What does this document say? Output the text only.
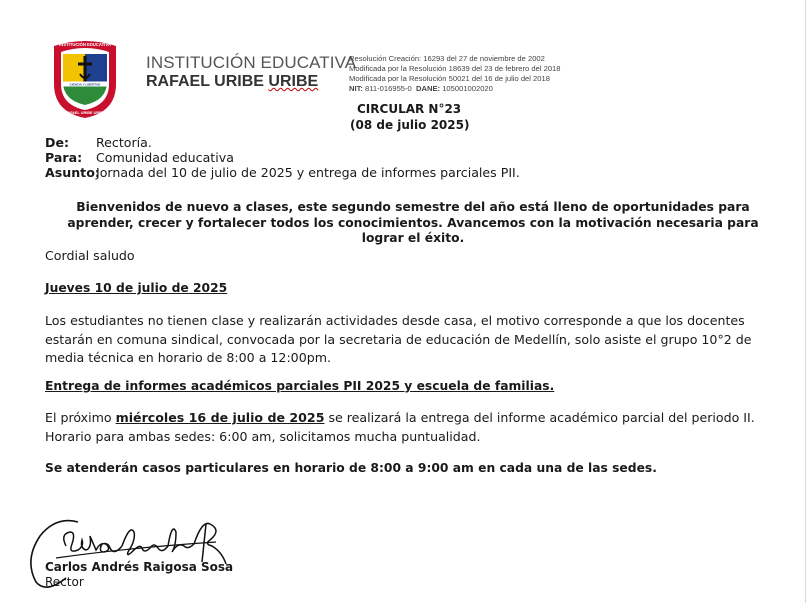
INSTITUCIÓN EDUCATIVA
CIENCIA Y LIBERTAD
RAFAEL URIBE URIBE
INSTITUCIÓN EDUCATIVA
RAFAEL URIBE URIBE
Resolución Creación: 16293 del 27 de noviembre de 2002
Modificada por la Resolución 18639 del 23 de febrero del 2018
Modificada por la Resolución 50021 del 16 de julio del 2018
NIT: 811-016955-0 DANE: 105001002020
CIRCULAR N°23
(08 de julio 2025)
De: Rectoría.
Para: Comunidad educativa
Asunto:Jornada del 10 de julio de 2025 y entrega de informes parciales PII.
Bienvenidos de nuevo a clases, este segundo semestre del año está lleno de oportunidades para aprender, crecer y fortalecer todos los conocimientos. Avancemos con la motivación necesaria para lograr el éxito.
Cordial saludo
Jueves 10 de julio de 2025
Los estudiantes no tienen clase y realizarán actividades desde casa, el motivo corresponde a que los docentes estarán en comuna sindical, convocada por la secretaria de educación de Medellín, solo asiste el grupo 10°2 de media técnica en horario de 8:00 a 12:00pm.
Entrega de informes académicos parciales PII 2025 y escuela de familias.
El próximo miércoles 16 de julio de 2025 se realizará la entrega del informe académico parcial del periodo II. Horario para ambas sedes: 6:00 am, solicitamos mucha puntualidad.
Se atenderán casos particulares en horario de 8:00 a 9:00 am en cada una de las sedes.
Carlos Andrés Raigosa Sosa
Rector
